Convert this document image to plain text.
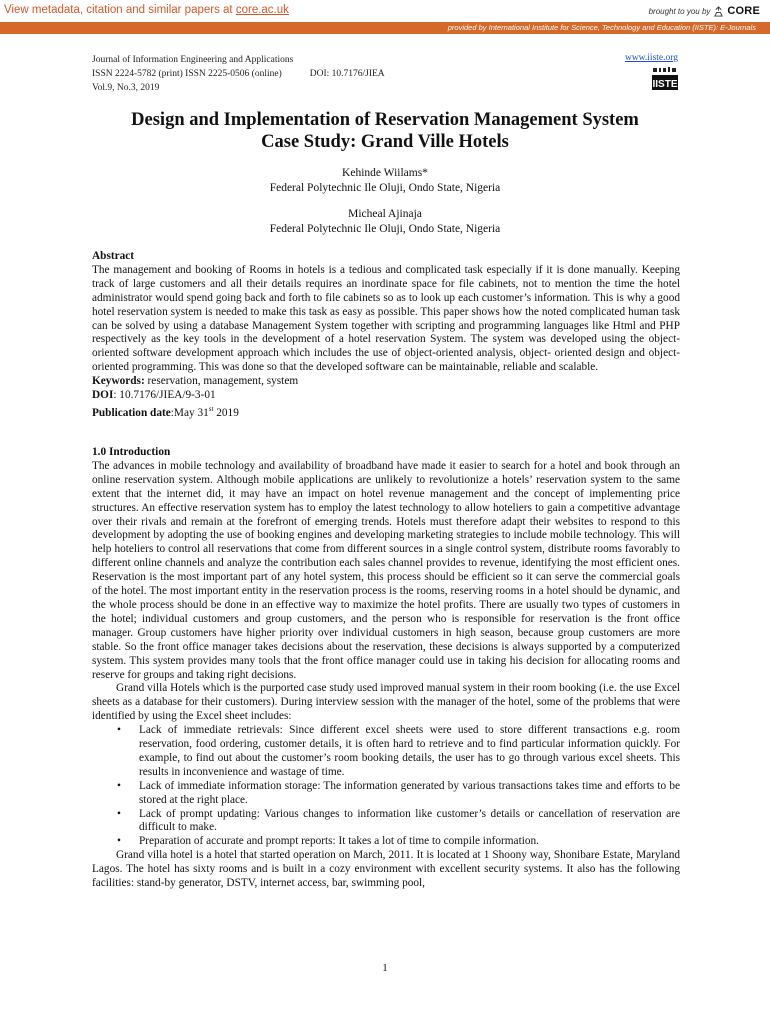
View metadata, citation and similar papers at core.ac.uk	brought to you by CORE
provided by International Institute for Science, Technology and Education (IISTE): E-Journals
Journal of Information Engineering and Applications
ISSN 2224-5782 (print) ISSN 2225-0506 (online)	DOI: 10.7176/JIEA
Vol.9, No.3, 2019
www.iiste.org
IISTE
Design and Implementation of Reservation Management System
Case Study: Grand Ville Hotels
Kehinde Wiilams*
Federal Polytechnic Ile Oluji, Ondo State, Nigeria
Micheal Ajinaja
Federal Polytechnic Ile Oluji, Ondo State, Nigeria

Abstract

The management and booking of Rooms in hotels is a tedious and complicated task especially if it is done manually. Keeping track of large customers and all their details requires an inordinate space for file cabinets, not to mention the time the hotel administrator would spend going back and forth to file cabinets so as to look up each customer’s information. This is why a good hotel reservation system is needed to make this task as easy as possible. This paper shows how the noted complicated human task can be solved by using a database Management System together with scripting and programming languages like Html and PHP respectively as the key tools in the development of a hotel reservation System. The system was developed using the object-oriented software development approach which includes the use of object-oriented analysis, object- oriented design and object-oriented programming. This was done so that the developed software can be maintainable, reliable and scalable.

Keywords: reservation, management, system

DOI: 10.7176/JIEA/9-3-01

Publication date:May 31st 2019

1.0 Introduction

The advances in mobile technology and availability of broadband have made it easier to search for a hotel and book through an online reservation system. Although mobile applications are unlikely to revolutionize a hotels’ reservation system to the same extent that the internet did, it may have an impact on hotel revenue management and the concept of implementing price structures. An effective reservation system has to employ the latest technology to allow hoteliers to gain a competitive advantage over their rivals and remain at the forefront of emerging trends. Hotels must therefore adapt their websites to respond to this development by adopting the use of booking engines and developing marketing strategies to include mobile technology. This will help hoteliers to control all reservations that come from different sources in a single control system, distribute rooms favorably to different online channels and analyze the contribution each sales channel provides to revenue, identifying the most efficient ones. Reservation is the most important part of any hotel system, this process should be efficient so it can serve the commercial goals of the hotel. The most important entity in the reservation process is the rooms, reserving rooms in a hotel should be dynamic, and the whole process should be done in an effective way to maximize the hotel profits. There are usually two types of customers in the hotel; individual customers and group customers, and the person who is responsible for reservation is the front office manager. Group customers have higher priority over individual customers in high season, because group customers are more stable. So the front office manager takes decisions about the reservation, these decisions is always supported by a computerized system. This system provides many tools that the front office manager could use in taking his decision for allocating rooms and reserve for groups and taking right decisions.

Grand villa Hotels which is the purported case study used improved manual system in their room booking (i.e. the use Excel sheets as a database for their customers). During interview session with the manager of the hotel, some of the problems that were identified by using the Excel sheet includes:

• Lack of immediate retrievals: Since different excel sheets were used to store different transactions e.g. room reservation, food ordering, customer details, it is often hard to retrieve and to find particular information quickly. For example, to find out about the customer’s room booking details, the user has to go through various excel sheets. This results in inconvenience and wastage of time.
• Lack of immediate information storage: The information generated by various transactions takes time and efforts to be stored at the right place.
• Lack of prompt updating: Various changes to information like customer’s details or cancellation of reservation are difficult to make.
• Preparation of accurate and prompt reports: It takes a lot of time to compile information.

Grand villa hotel is a hotel that started operation on March, 2011. It is located at 1 Shoony way, Shonibare Estate, Maryland Lagos. The hotel has sixty rooms and is built in a cozy environment with excellent security systems. It also has the following facilities: stand-by generator, DSTV, internet access, bar, swimming pool,

1
